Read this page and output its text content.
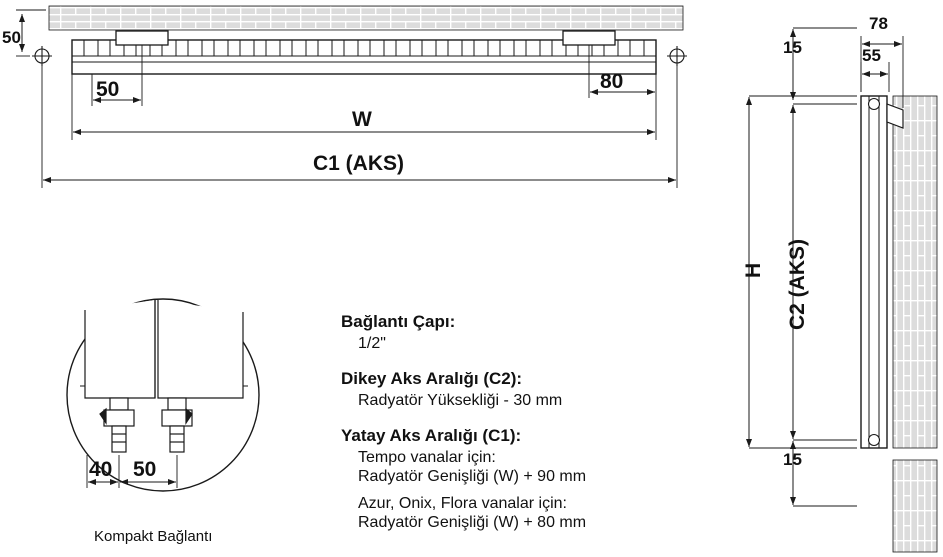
50
50	80
W
C1 (AKS)
78
55
15
15
H C2 (AKS)
40 50
Kompakt Bağlantı
Bağlantı Çapı:
1/2"
Dikey Aks Aralığı (C2):
Radyatör Yüksekliği - 30 mm
Yatay Aks Aralığı (C1):
Tempo vanalar için:
Radyatör Genişliği (W) + 90 mm
Azur, Onix, Flora vanalar için:
Radyatör Genişliği (W) + 80 mm
